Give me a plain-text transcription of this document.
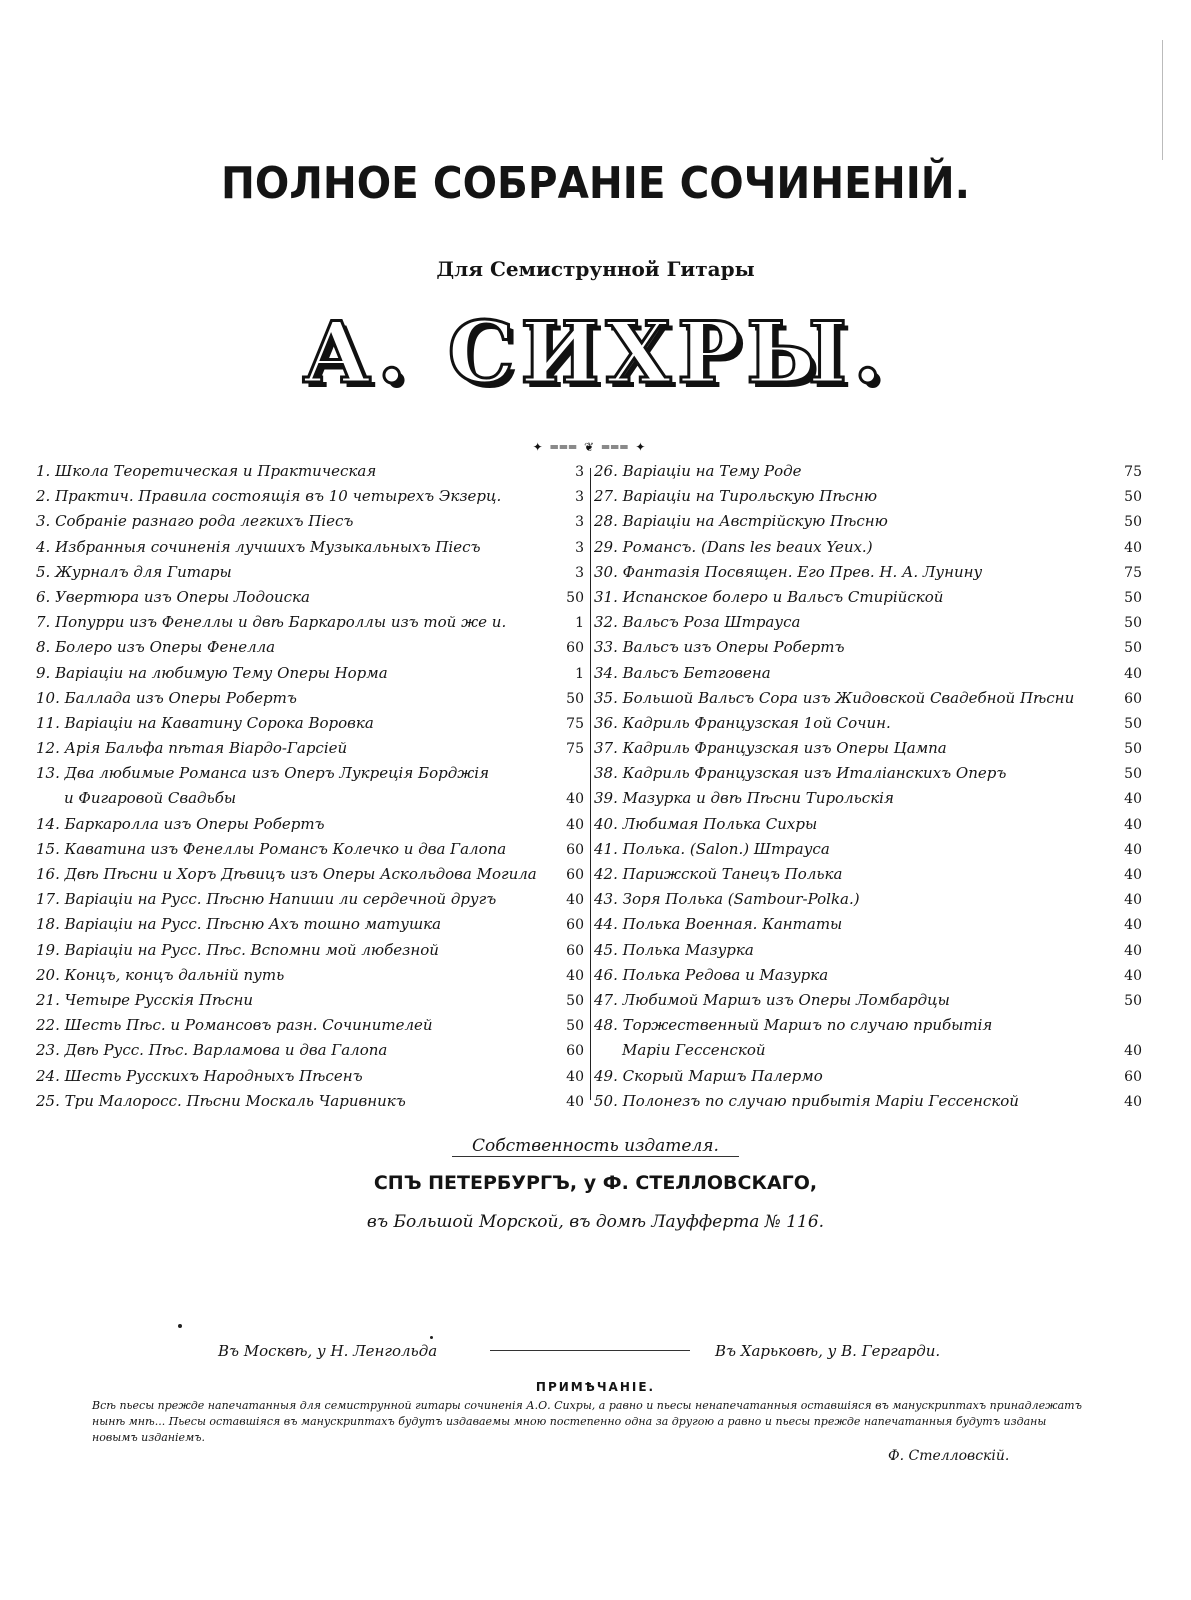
ПОЛНОЕ СОБРАНІЕ СОЧИНЕНІЙ.
Для Семиструнной Гитары
А. СИХРЫ.
✦ ═══ ❦ ═══ ✦
1. Школа Теоретическая и Практическая	3
2. Практич. Правила состоящія въ 10 четырехъ Экзерц.	3
3. Собраніе разнаго рода легкихъ Піесъ	3
4. Избранныя сочиненія лучшихъ Музыкальныхъ Піесъ	3
5. Журналъ для Гитары	3
6. Увертюра изъ Оперы Лодоиска	50
7. Попурри изъ Фенеллы и двѣ Баркароллы изъ той же и.	1
8. Болеро изъ Оперы Фенелла	60
9. Варіаціи на любимую Тему Оперы Норма	1
10. Баллада изъ Оперы Робертъ	50
11. Варіаціи на Каватину Сорока Воровка	75
12. Арія Бальфа пѣтая Віардо-Гарсіей	75
13. Два любимые Романса изъ Оперъ Лукреція Борджія
и Фигаровой Свадьбы	40
14. Баркаролла изъ Оперы Робертъ	40
15. Каватина изъ Фенеллы Романсъ Колечко и два Галопа	60
16. Двѣ Пѣсни и Хоръ Дѣвицъ изъ Оперы Аскольдова Могила	60
17. Варіаціи на Русс. Пѣсню Напиши ли сердечной другъ	40
18. Варіаціи на Русс. Пѣсню Ахъ тошно матушка	60
19. Варіаціи на Русс. Пѣс. Вспомни мой любезной	60
20. Концъ, концъ дальній путь	40
21. Четыре Русскія Пѣсни	50
22. Шесть Пѣс. и Романсовъ разн. Сочинителей	50
23. Двѣ Русс. Пѣс. Варламова и два Галопа	60
24. Шесть Русскихъ Народныхъ Пѣсенъ	40
25. Три Малоросс. Пѣсни Москаль Чаривникъ	40
26. Варіаціи на Тему Роде	75
27. Варіаціи на Тирольскую Пѣсню	50
28. Варіаціи на Австрійскую Пѣсню	50
29. Романсъ. (Dans les beaux Yeux.)	40
30. Фантазія Посвящен. Его Прев. Н. А. Лунину	75
31. Испанское болеро и Вальсъ Стирійской	50
32. Вальсъ Роза Штрауса	50
33. Вальсъ изъ Оперы Робертъ	50
34. Вальсъ Бетговена	40
35. Большой Вальсъ Сора изъ Жидовской Свадебной Пѣсни	60
36. Кадриль Французская 1ой Сочин.	50
37. Кадриль Французская изъ Оперы Цампа	50
38. Кадриль Французская изъ Италіанскихъ Оперъ	50
39. Мазурка и двѣ Пѣсни Тирольскія	40
40. Любимая Полька Сихры	40
41. Полька. (Salon.) Штрауса	40
42. Парижской Танецъ Полька	40
43. Зоря Полька (Sambour-Polka.)	40
44. Полька Военная. Кантаты	40
45. Полька Мазурка	40
46. Полька Редова и Мазурка	40
47. Любимой Маршъ изъ Оперы Ломбардцы	50
48. Торжественный Маршъ по случаю прибытія
Маріи Гессенской	40
49. Скорый Маршъ Палермо	60
50. Полонезъ по случаю прибытія Маріи Гессенской	40
Собственность издателя.
СПЪ ПЕТЕРБУРГЪ, у Ф. СТЕЛЛОВСКАГО,
въ Большой Морской, въ домѣ Лауфферта № 116.
Въ Москвѣ, у Н. Ленгольда	Въ Харьковѣ, у В. Гергарди.
ПРИМѢЧАНІЕ.
Всѣ пьесы прежде напечатанныя для семиструнной гитары сочиненія А.О. Сихры, а равно и пьесы ненапечатанныя оставшіяся въ манускриптахъ принадлежатъ нынѣ мнѣ... Пьесы оставшіяся въ манускриптахъ будутъ издаваемы мною постепенно одна за другою а равно и пьесы прежде напечатанныя будутъ изданы новымъ изданіемъ.
Ф. Стелловскій.
